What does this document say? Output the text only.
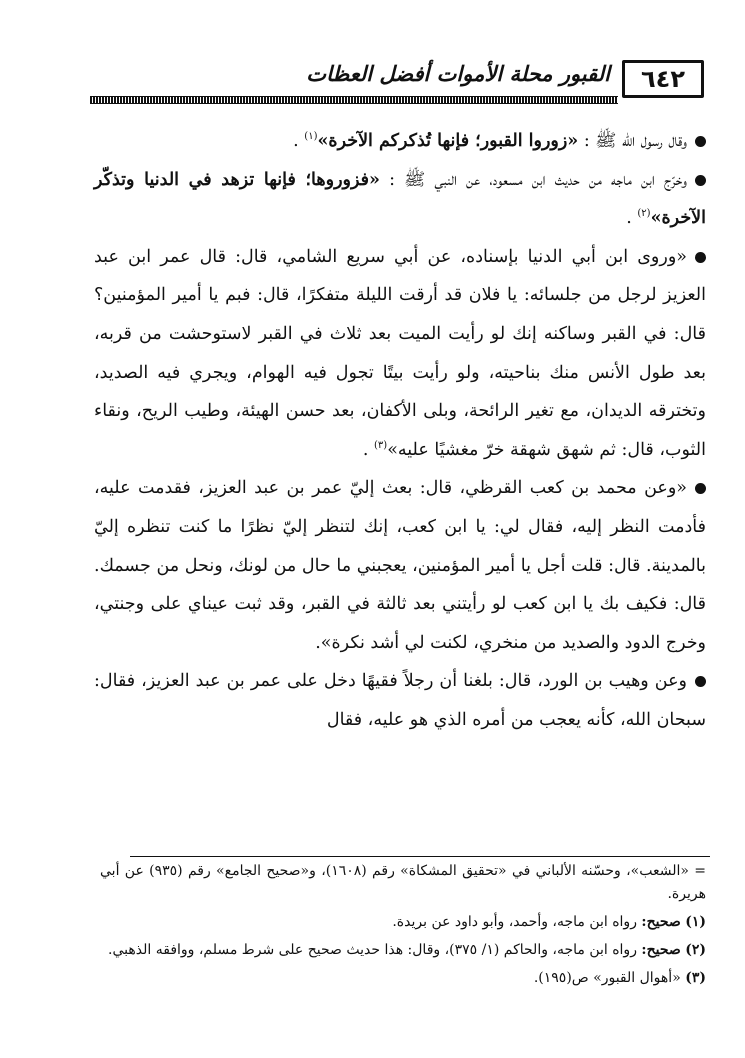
٦٤٢
القبور محلة الأموات أفضل العظات

وقال رسول الله ﷺ : «زوروا القبور؛ فإنها تُذكركم الآخرة»$^{(١)}$ .

وخرّج ابن ماجه من حديث ابن مسعود، عن النبي ﷺ : «فزوروها؛ فإنها تزهد في الدنيا وتذكّر الآخرة»$^{(٢)}$ .

«وروى ابن أبي الدنيا بإسناده، عن أبي سريع الشامي، قال: قال عمر ابن عبد العزيز لرجل من جلسائه: يا فلان قد أرقت الليلة متفكرًا، قال: فبم يا أمير المؤمنين؟ قال: في القبر وساكنه إنك لو رأيت الميت بعد ثلاث في القبر لاستوحشت من قربه، بعد طول الأنس منك بناحيته، ولو رأيت بيتًا تجول فيه الهوام، ويجري فيه الصديد، وتخترقه الديدان، مع تغير الرائحة، وبلى الأكفان، بعد حسن الهيئة، وطيب الريح، ونقاء الثوب، قال: ثم شهق شهقة خرّ مغشيًا عليه»$^{(٣)}$ .

«وعن محمد بن كعب القرظي، قال: بعث إليّ عمر بن عبد العزيز، فقدمت عليه، فأدمت النظر إليه، فقال لي: يا ابن كعب، إنك لتنظر إليّ نظرًا ما كنت تنظره إليّ بالمدينة. قال: قلت أجل يا أمير المؤمنين، يعجبني ما حال من لونك، ونحل من جسمك. قال: فكيف بك يا ابن كعب لو رأيتني بعد ثالثة في القبر، وقد ثبت عيناي على وجنتي، وخرج الدود والصديد من منخري، لكنت لي أشد نكرة».

وعن وهيب بن الورد، قال: بلغنا أن رجلاً فقيهًا دخل على عمر بن عبد العزيز، فقال: سبحان الله، كأنه يعجب من أمره الذي هو عليه، فقال

= «الشعب»، وحسّنه الألباني في «تحقيق المشكاة» رقم (١٦٠٨)، و«صحيح الجامع» رقم (٩٣٥) عن أبي هريرة.

(١) صحيح: رواه ابن ماجه، وأحمد، وأبو داود عن بريدة.

(٢) صحيح: رواه ابن ماجه، والحاكم (١/ ٣٧٥)، وقال: هذا حديث صحيح على شرط مسلم، ووافقه الذهبي.

(٣) «أهوال القبور» ص(١٩٥).
